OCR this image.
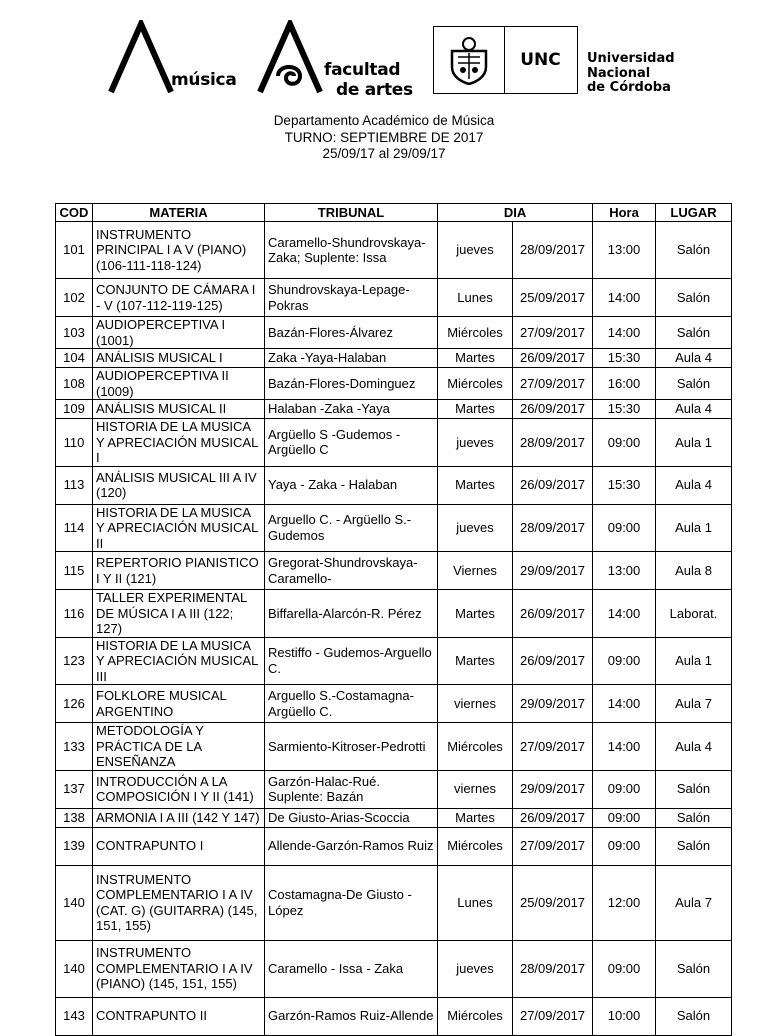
música	facultad
de artes
UNC	Universidad
Nacional
de Córdoba
Departamento Académico de Música
TURNO: SEPTIEMBRE DE 2017
25/09/17 al 29/09/17
COD	MATERIA	TRIBUNAL	DIA		Hora	LUGAR
101	INSTRUMENTO PRINCIPAL I A V (PIANO) (106-111-118-124)	Caramello-Shundrovskaya-Zaka; Suplente: Issa	jueves	28/09/2017	13:00	Salón
102	CONJUNTO DE CÁMARA I - V (107-112-119-125)	Shundrovskaya-Lepage-Pokras	Lunes	25/09/2017	14:00	Salón
103	AUDIOPERCEPTIVA I (1001)	Bazán-Flores-Álvarez	Miércoles	27/09/2017	14:00	Salón
104	ANÁLISIS MUSICAL I	Zaka -Yaya-Halaban	Martes	26/09/2017	15:30	Aula 4
108	AUDIOPERCEPTIVA II (1009)	Bazán-Flores-Dominguez	Miércoles	27/09/2017	16:00	Salón
109	ANÁLISIS MUSICAL II	Halaban -Zaka -Yaya	Martes	26/09/2017	15:30	Aula 4
110	HISTORIA DE LA MUSICA Y APRECIACIÓN MUSICAL I	Argüello S -Gudemos - Argüello C	jueves	28/09/2017	09:00	Aula 1
113	ANÁLISIS MUSICAL III A IV (120)	Yaya - Zaka - Halaban	Martes	26/09/2017	15:30	Aula 4
114	HISTORIA DE LA MUSICA Y APRECIACIÓN MUSICAL II	Arguello C. - Argüello S.- Gudemos	jueves	28/09/2017	09:00	Aula 1
115	REPERTORIO PIANISTICO I Y II (121)	Gregorat-Shundrovskaya-Caramello-	Viernes	29/09/2017	13:00	Aula 8
116	TALLER EXPERIMENTAL DE MÚSICA I A III (122; 127)	Biffarella-Alarcón-R. Pérez	Martes	26/09/2017	14:00	Laborat.
123	HISTORIA DE LA MUSICA Y APRECIACIÓN MUSICAL III	Restiffo - Gudemos-Arguello C.	Martes	26/09/2017	09:00	Aula 1
126	FOLKLORE MUSICAL ARGENTINO	Arguello S.-Costamagna-Argüello C.	viernes	29/09/2017	14:00	Aula 7
133	METODOLOGÍA Y PRÁCTICA DE LA ENSEÑANZA	Sarmiento-Kitroser-Pedrotti	Miércoles	27/09/2017	14:00	Aula 4
137	INTRODUCCIÓN A LA COMPOSICIÓN I Y II (141)	Garzón-Halac-Rué. Suplente: Bazán	viernes	29/09/2017	09:00	Salón
138	ARMONIA I A III (142 Y 147)	De Giusto-Arias-Scoccia	Martes	26/09/2017	09:00	Salón
139	CONTRAPUNTO I	Allende-Garzón-Ramos Ruiz	Miércoles	27/09/2017	09:00	Salón
140	INSTRUMENTO COMPLEMENTARIO I A IV (CAT. G) (GUITARRA) (145, 151, 155)	Costamagna-De Giusto - López	Lunes	25/09/2017	12:00	Aula 7
140	INSTRUMENTO COMPLEMENTARIO I A IV (PIANO) (145, 151, 155)	Caramello - Issa - Zaka	jueves	28/09/2017	09:00	Salón
143	CONTRAPUNTO II	Garzón-Ramos Ruiz-Allende	Miércoles	27/09/2017	10:00	Salón
